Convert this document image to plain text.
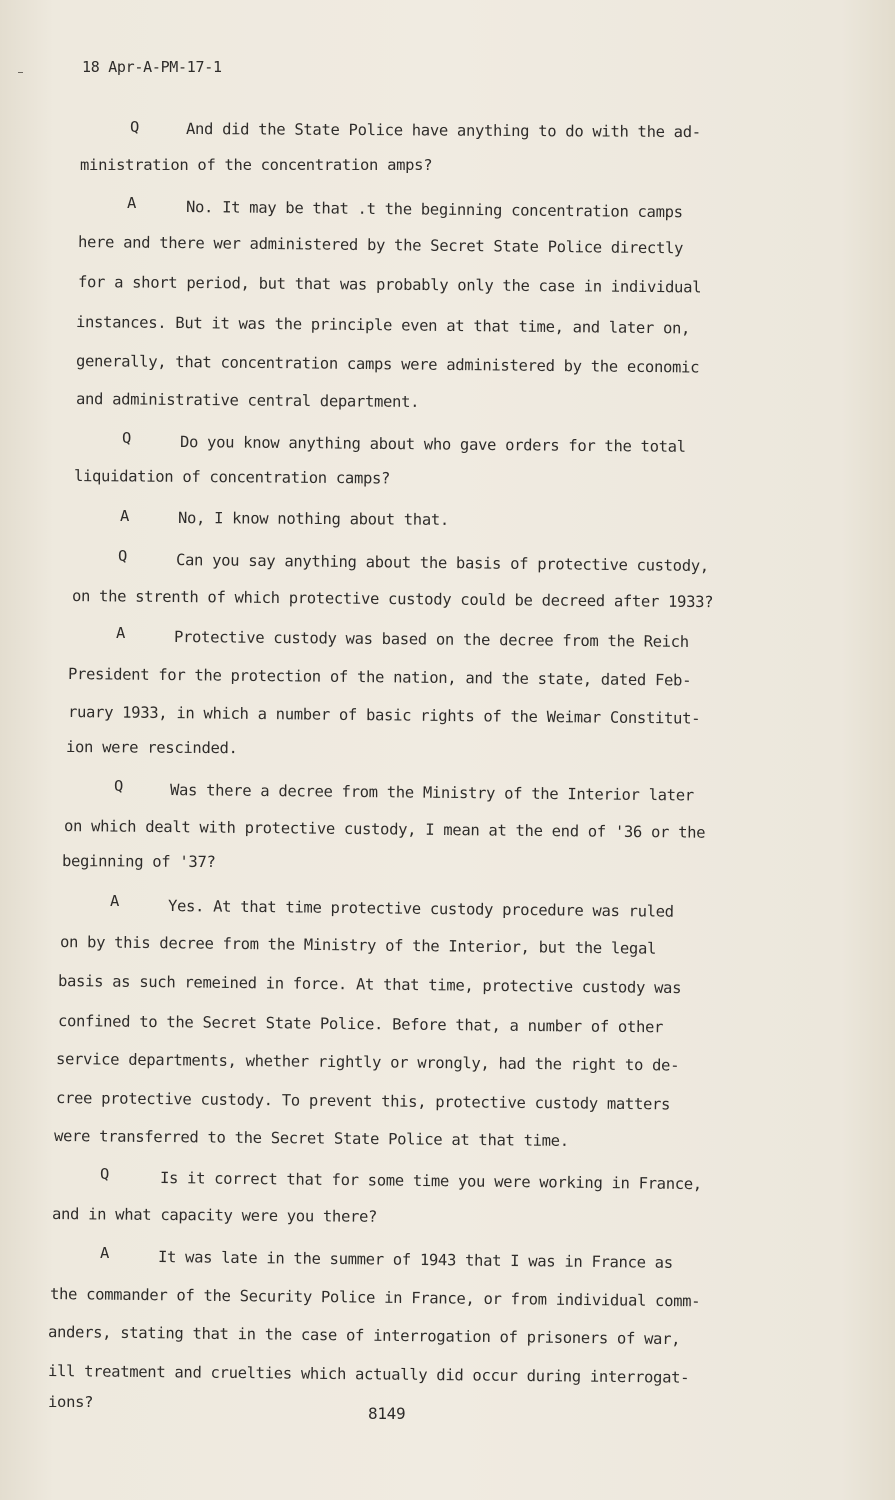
18 Apr-A-PM-17-1
Q	And did the State Police have anything to do with the ad-
ministration of the concentration amps?
A	No. It may be that .t the beginning concentration camps
here and there wer administered by the Secret State Police directly
for a short period, but that was probably only the case in individual
instances. But it was the principle even at that time, and later on,
generally, that concentration camps were administered by the economic
and administrative central department.
Q	Do you know anything about who gave orders for the total
liquidation of concentration camps?
A	No, I know nothing about that.
Q	Can you say anything about the basis of protective custody,
on the strenth of which protective custody could be decreed after 1933?
A	Protective custody was based on the decree from the Reich
President for the protection of the nation, and the state, dated Feb-
ruary 1933, in which a number of basic rights of the Weimar Constitut-
ion were rescinded.
Q	Was there a decree from the Ministry of the Interior later
on which dealt with protective custody, I mean at the end of '36 or the
beginning of '37?
A	Yes. At that time protective custody procedure was ruled
on by this decree from the Ministry of the Interior, but the legal
basis as such remeined in force. At that time, protective custody was
confined to the Secret State Police. Before that, a number of other
service departments, whether rightly or wrongly, had the right to de-
cree protective custody. To prevent this, protective custody matters
were transferred to the Secret State Police at that time.
Q	Is it correct that for some time you were working in France,
and in what capacity were you there?
A	It was late in the summer of 1943 that I was in France as
the commander of the Security Police in France, or from individual comm-
anders, stating that in the case of interrogation of prisoners of war,
ill treatment and cruelties which actually did occur during interrogat-
ions?
8149
